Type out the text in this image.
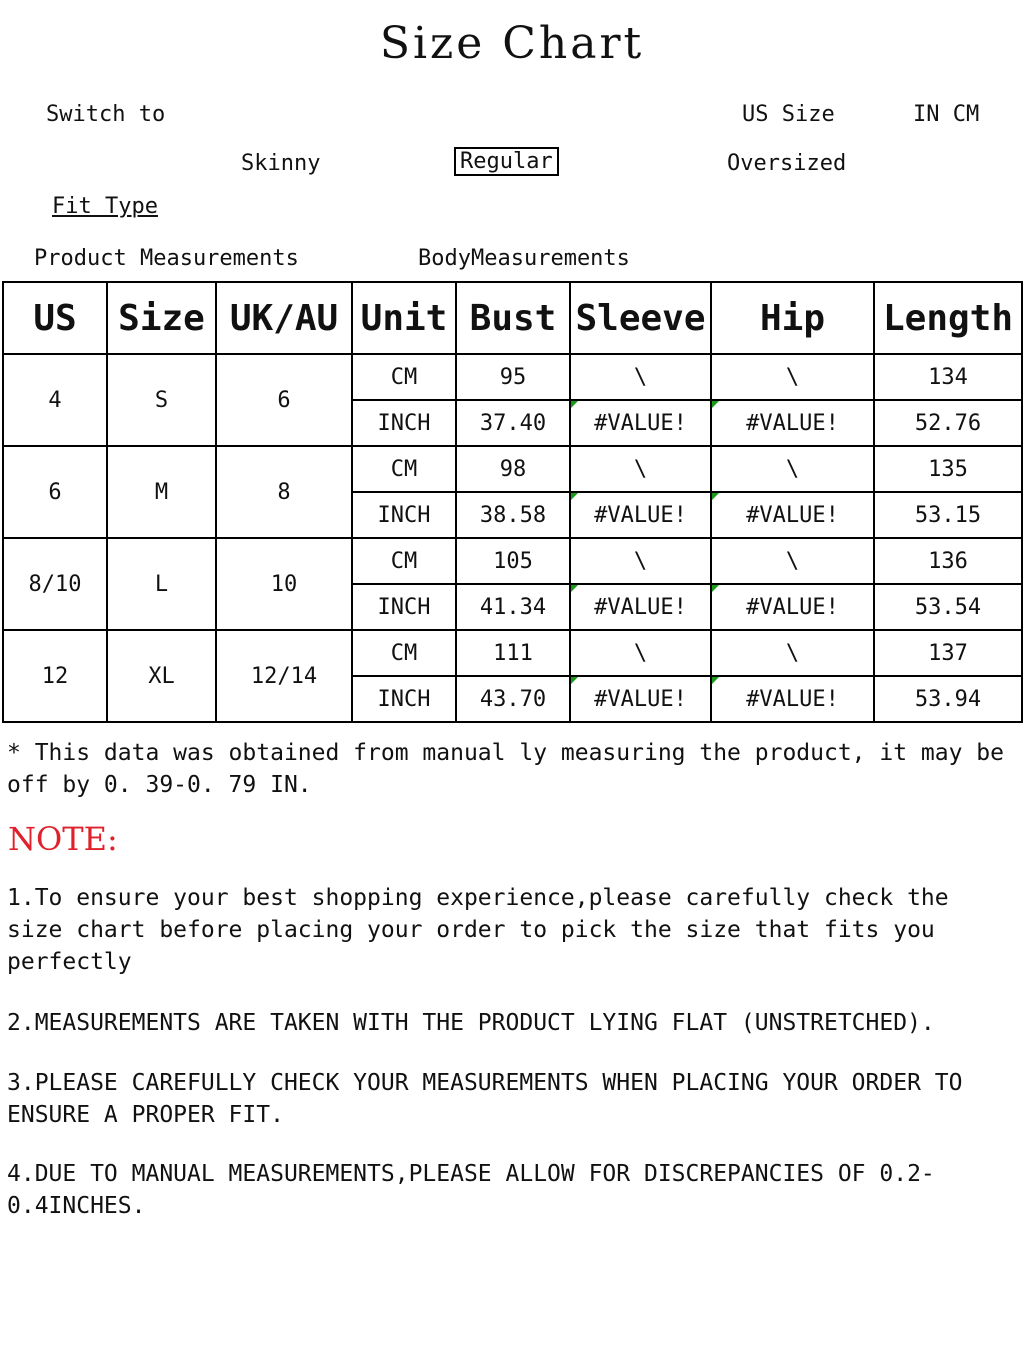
Size Chart
Switch to	US Size	IN CM
Skinny	Regular	Oversized
Fit Type
Product Measurements	BodyMeasurements
US	Size	UK/AU	Unit	Bust	Sleeve	Hip	Length
4	S	6	CM	95	\	\	134
			INCH	37.40	#VALUE!	#VALUE!	52.76
6	M	8	CM	98	\	\	135
			INCH	38.58	#VALUE!	#VALUE!	53.15
8/10	L	10	CM	105	\	\	136
			INCH	41.34	#VALUE!	#VALUE!	53.54
12	XL	12/14	CM	111	\	\	137
			INCH	43.70	#VALUE!	#VALUE!	53.94
* This data was obtained from manual ly measuring the product, it may be off by 0. 39-0. 79 IN.
NOTE:
1.To ensure your best shopping experience,please carefully check the size chart before placing your order to pick the size that fits you perfectly
2.MEASUREMENTS ARE TAKEN WITH THE PRODUCT LYING FLAT (UNSTRETCHED).
3.PLEASE CAREFULLY CHECK YOUR MEASUREMENTS WHEN PLACING YOUR ORDER TO ENSURE A PROPER FIT.
4.DUE TO MANUAL MEASUREMENTS,PLEASE ALLOW FOR DISCREPANCIES OF 0.2-0.4INCHES.
